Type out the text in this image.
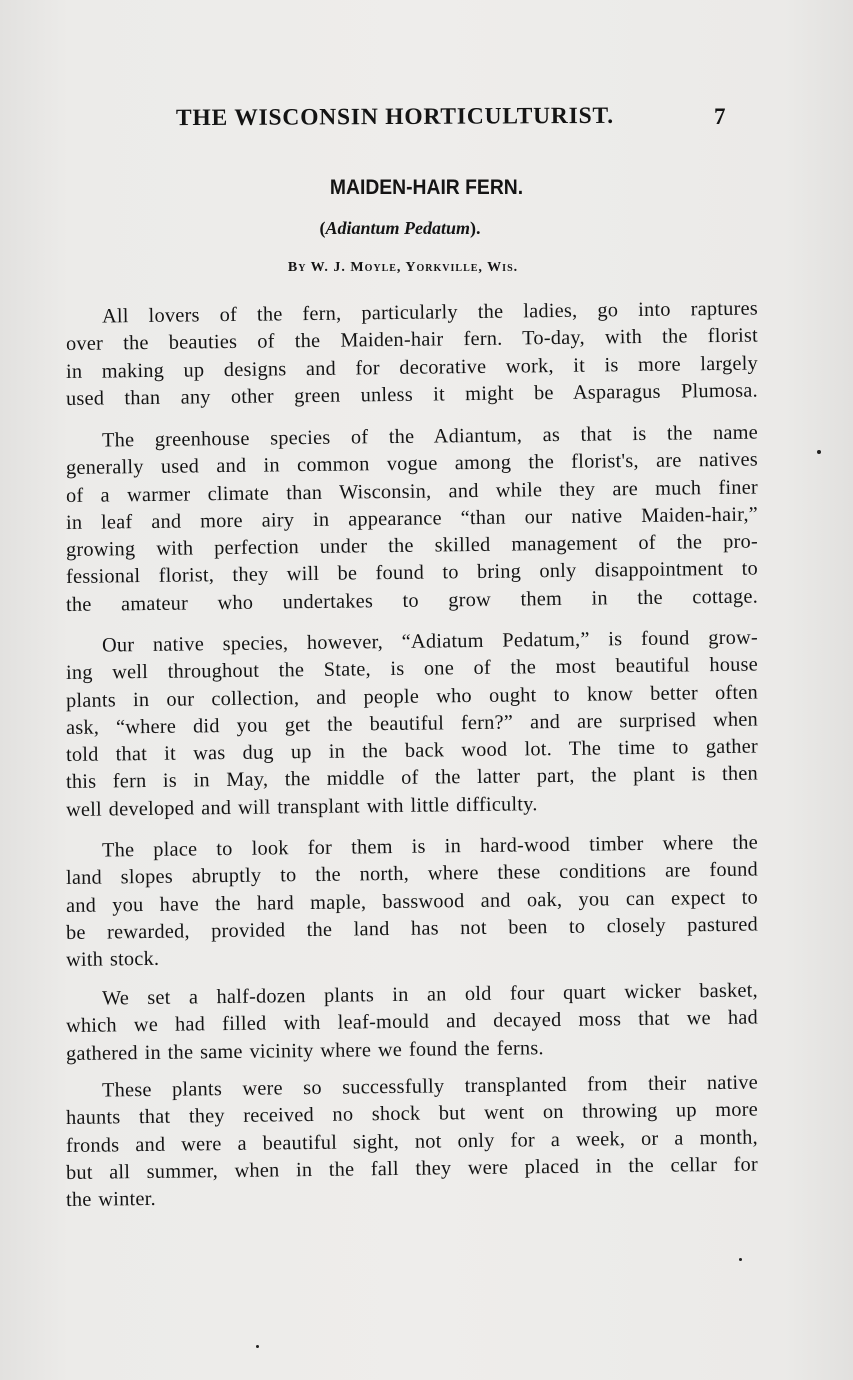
THE WISCONSIN HORTICULTURIST.	7
MAIDEN-HAIR FERN.
(Adiantum Pedatum).
By W. J. Moyle, Yorkville, Wis.
All lovers of the fern, particularly the ladies, go into raptures
over the beauties of the Maiden-hair fern. To-day, with the florist
in making up designs and for decorative work, it is more largely
used than any other green unless it might be Asparagus Plumosa.
The greenhouse species of the Adiantum, as that is the name
generally used and in common vogue among the florist's, are natives
of a warmer climate than Wisconsin, and while they are much finer
in leaf and more airy in appearance “than our native Maiden-hair,”
growing with perfection under the skilled management of the pro-
fessional florist, they will be found to bring only disappointment to
the amateur who undertakes to grow them in the cottage.
Our native species, however, “Adiatum Pedatum,” is found grow-
ing well throughout the State, is one of the most beautiful house
plants in our collection, and people who ought to know better often
ask, “where did you get the beautiful fern?” and are surprised when
told that it was dug up in the back wood lot. The time to gather
this fern is in May, the middle of the latter part, the plant is then
well developed and will transplant with little difficulty.
The place to look for them is in hard-wood timber where the
land slopes abruptly to the north, where these conditions are found
and you have the hard maple, basswood and oak, you can expect to
be rewarded, provided the land has not been to closely pastured
with stock.
We set a half-dozen plants in an old four quart wicker basket,
which we had filled with leaf-mould and decayed moss that we had
gathered in the same vicinity where we found the ferns.
These plants were so successfully transplanted from their native
haunts that they received no shock but went on throwing up more
fronds and were a beautiful sight, not only for a week, or a month,
but all summer, when in the fall they were placed in the cellar for
the winter.
